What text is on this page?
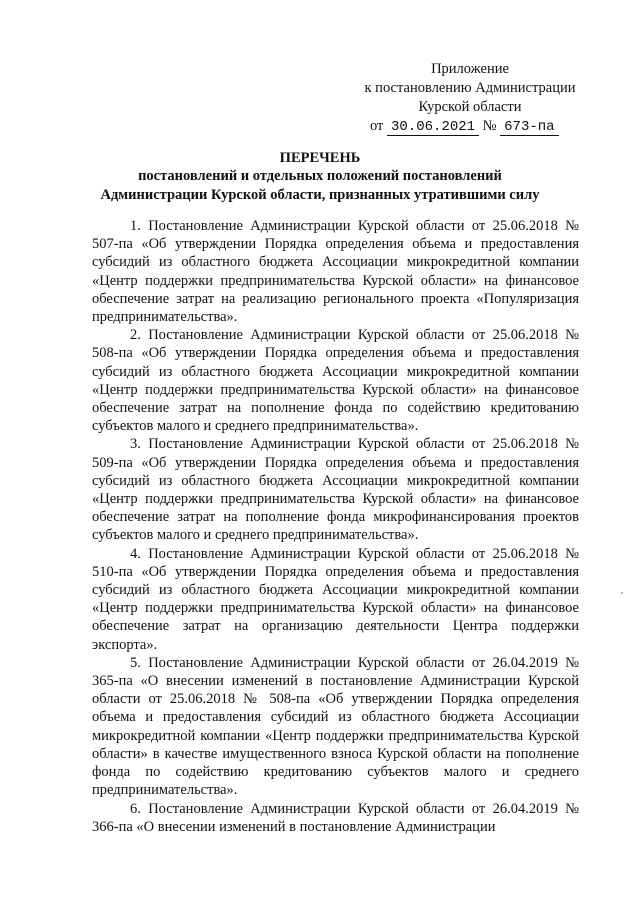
Приложение
к постановлению Администрации
Курской области
от 30.06.2021 № 673-па
ПЕРЕЧЕНЬ
постановлений и отдельных положений постановлений
Администрации Курской области, признанных утратившими силу

1. Постановление Администрации Курской области от 25.06.2018 № 507-па «Об утверждении Порядка определения объема и предоставления субсидий из областного бюджета Ассоциации микрокредитной компании «Центр поддержки предпринимательства Курской области» на финансовое обеспечение затрат на реализацию регионального проекта «Популяризация предпринимательства».

2. Постановление Администрации Курской области от 25.06.2018 № 508-па «Об утверждении Порядка определения объема и предоставления субсидий из областного бюджета Ассоциации микрокредитной компании «Центр поддержки предпринимательства Курской области» на финансовое обеспечение затрат на пополнение фонда по содействию кредитованию субъектов малого и среднего предпринимательства».

3. Постановление Администрации Курской области от 25.06.2018 № 509-па «Об утверждении Порядка определения объема и предоставления субсидий из областного бюджета Ассоциации микрокредитной компании «Центр поддержки предпринимательства Курской области» на финансовое обеспечение затрат на пополнение фонда микрофинансирования проектов субъектов малого и среднего предпринимательства».

4. Постановление Администрации Курской области от 25.06.2018 № 510-па «Об утверждении Порядка определения объема и предоставления субсидий из областного бюджета Ассоциации микрокредитной компании «Центр поддержки предпринимательства Курской области» на финансовое обеспечение затрат на организацию деятельности Центра поддержки экспорта».

5. Постановление Администрации Курской области от 26.04.2019 № 365-па «О внесении изменений в постановление Администрации Курской области от 25.06.2018 № 508-па «Об утверждении Порядка определения объема и предоставления субсидий из областного бюджета Ассоциации микрокредитной компании «Центр поддержки предпринимательства Курской области» в качестве имущественного взноса Курской области на пополнение фонда по содействию кредитованию субъектов малого и среднего предпринимательства».

6. Постановление Администрации Курской области от 26.04.2019 № 366-па «О внесении изменений в постановление Администрации
